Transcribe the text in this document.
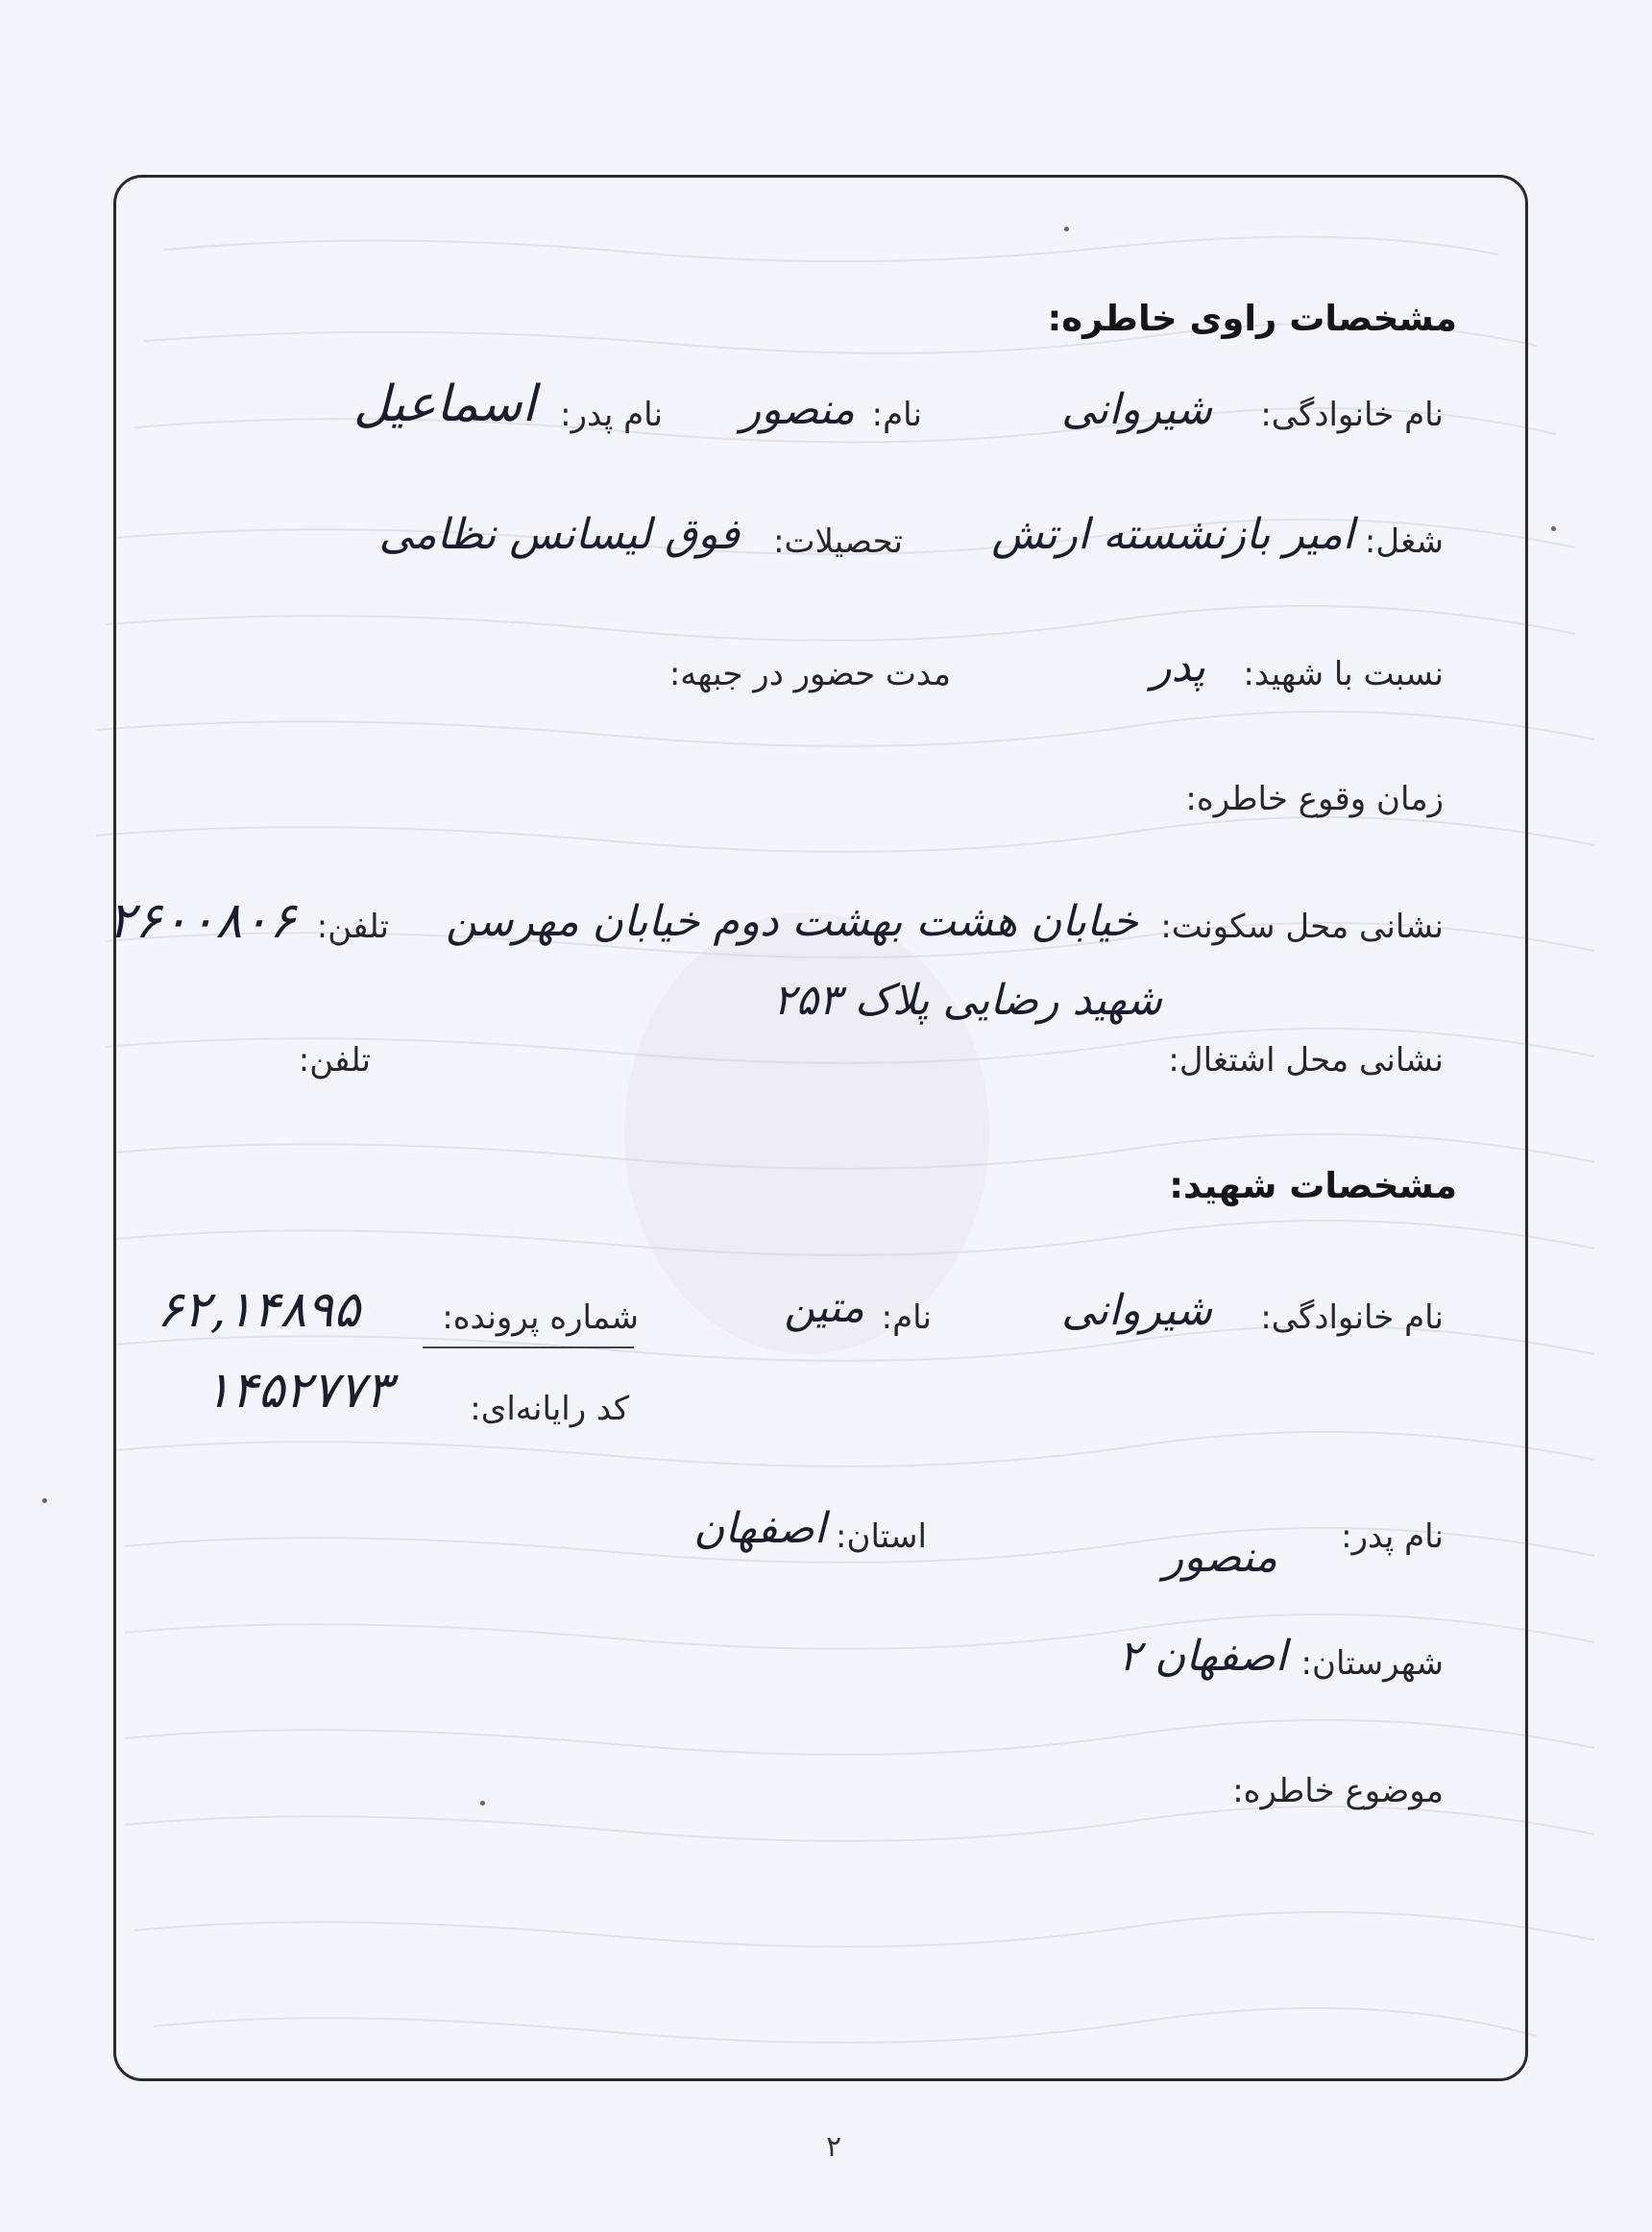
مشخصات راوی خاطره:
نام خانوادگی:
شیروانی
نام:
منصور
نام پدر:
اسماعیل
شغل:
امیر بازنشسته ارتش
تحصیلات:
فوق لیسانس نظامی
نسبت با شهید:
پدر
مدت حضور در جبهه:
زمان وقوع خاطره:
نشانی محل سکونت:
خیابان هشت بهشت دوم خیابان مهرسن
تلفن:
۲۶۰۰۸۰۶
شهید رضایی پلاک ۲۵۳
نشانی محل اشتغال:
تلفن:
مشخصات شهید:
نام خانوادگی:
شیروانی
نام:
متین
شماره پرونده:
۶۲,۱۴۸۹۵
کد رایانه‌ای:
۱۴۵۲۷۷۳
نام پدر:
منصور
استان:
اصفهان
شهرستان:
اصفهان ۲
موضوع خاطره:
۲
